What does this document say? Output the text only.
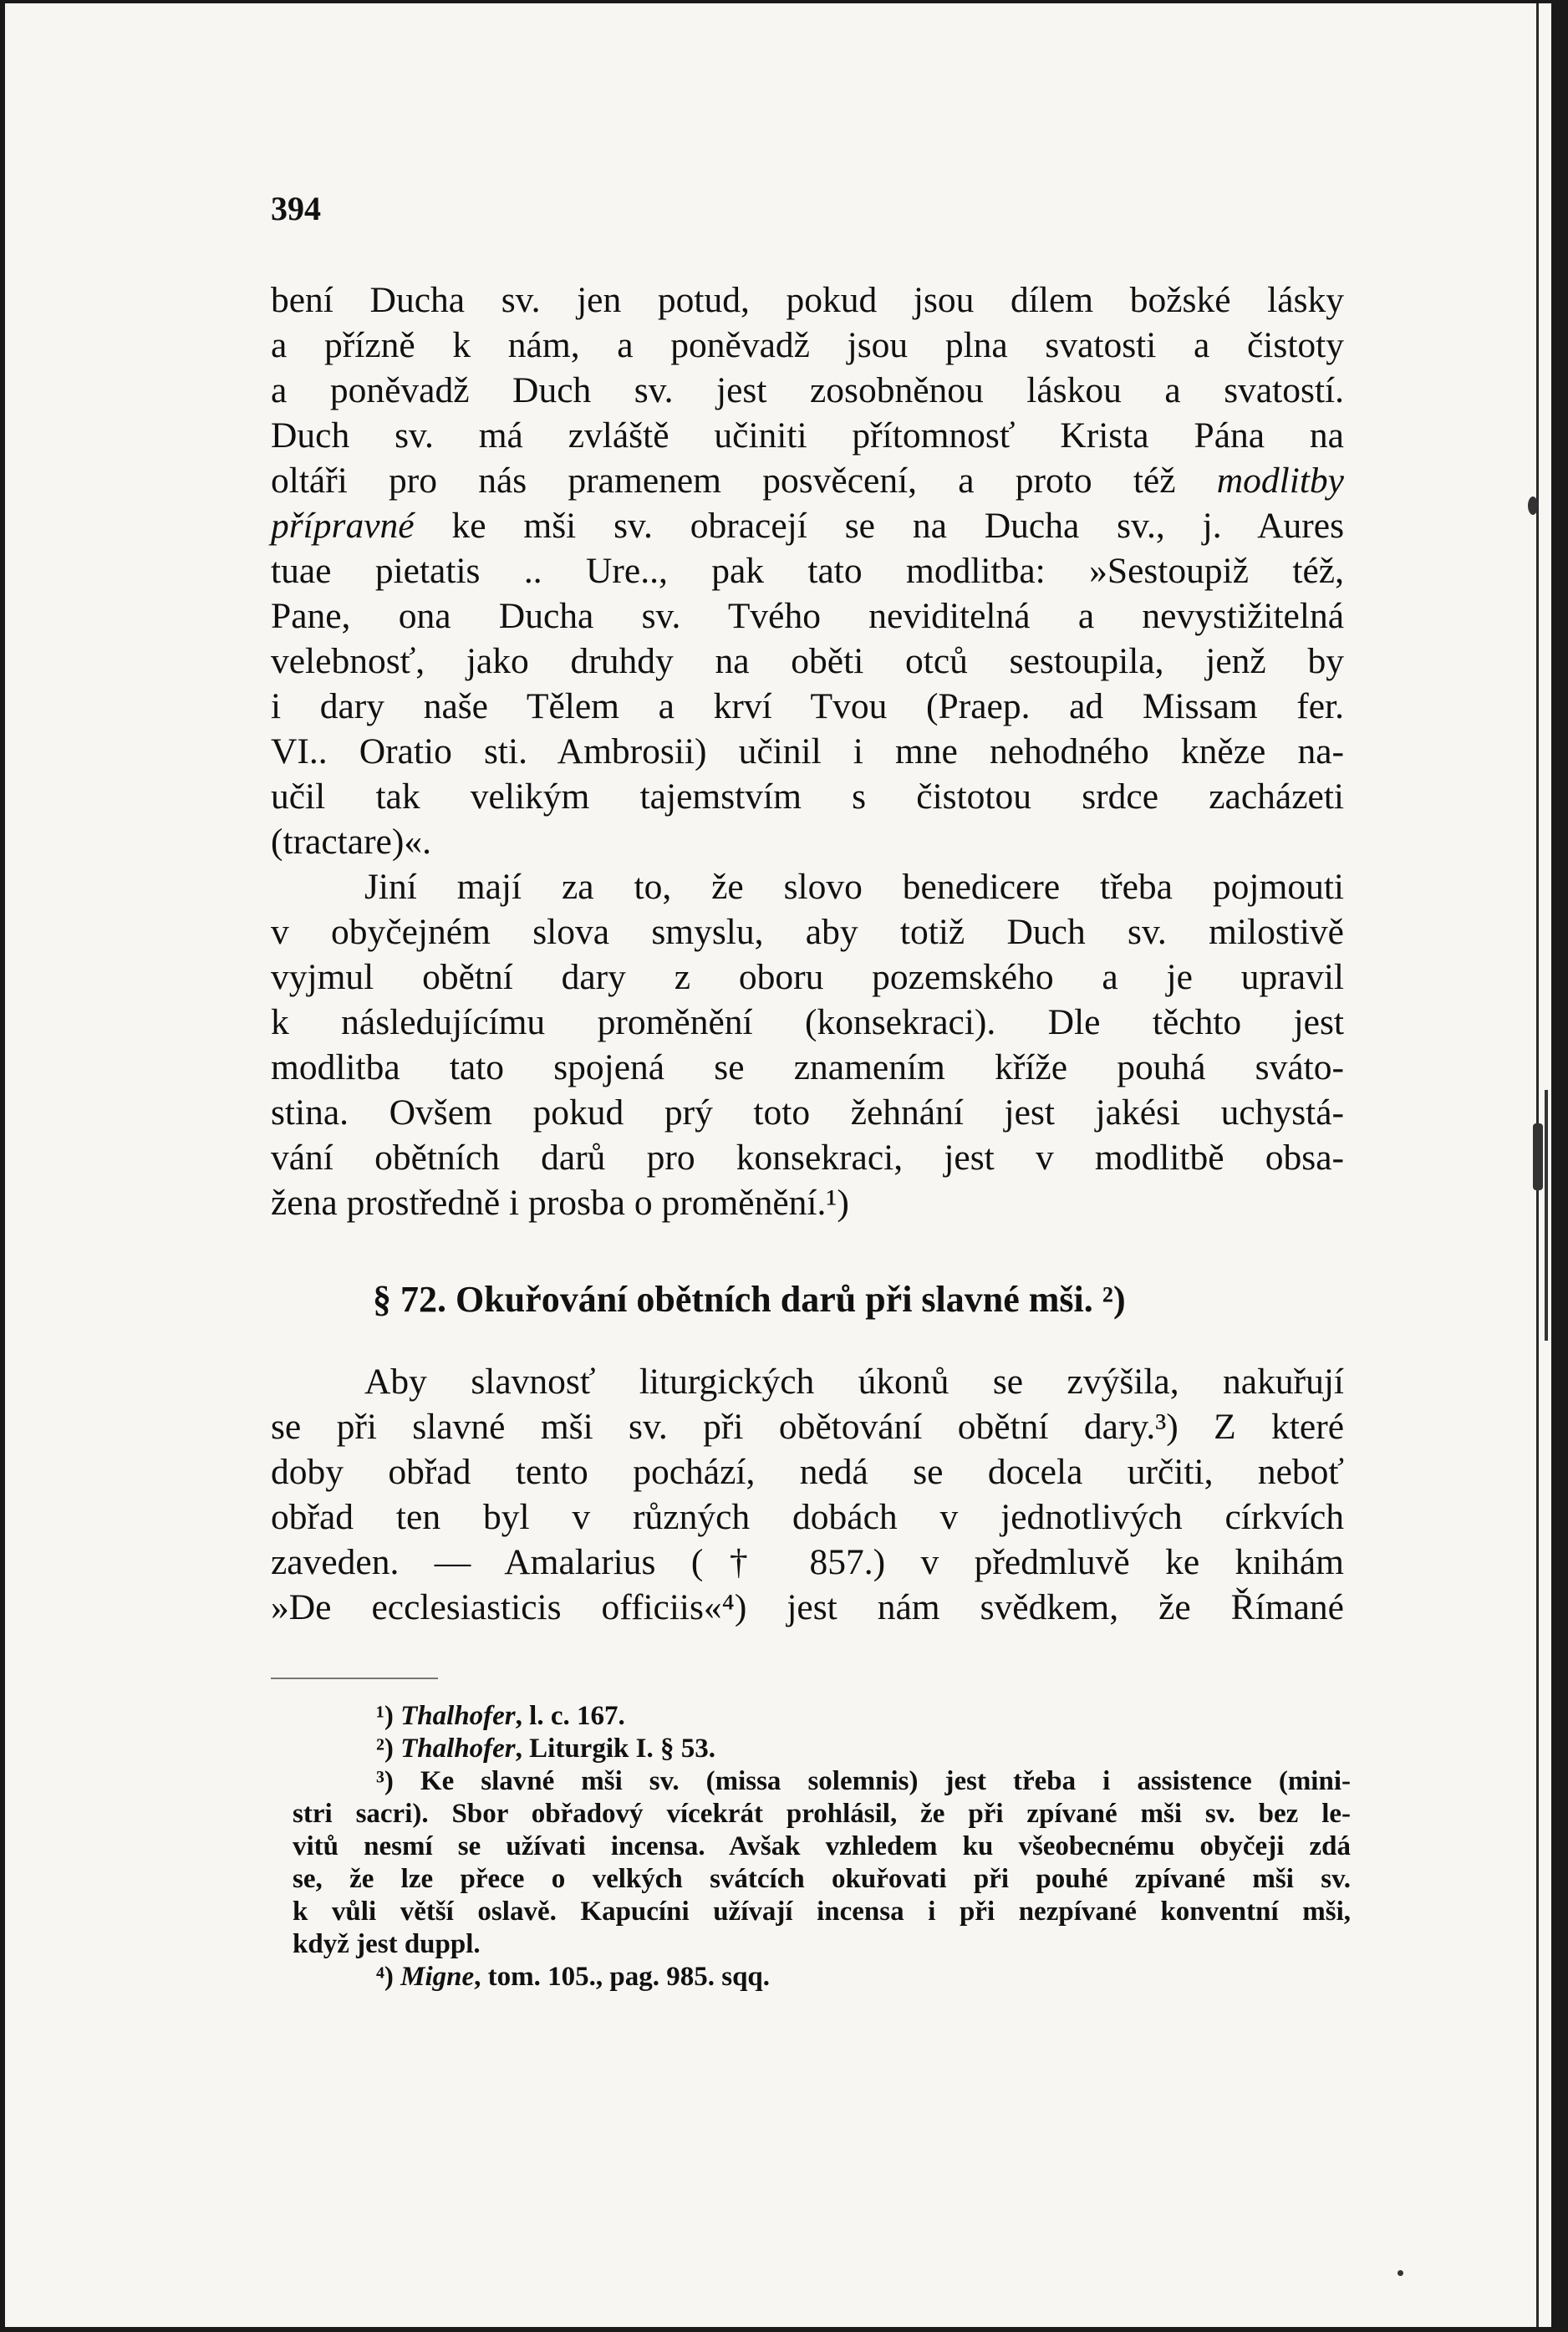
394
bení Ducha sv. jen potud, pokud jsou dílem božské lásky
a přízně k nám, a poněvadž jsou plna svatosti a čistoty
a poněvadž Duch sv. jest zosobněnou láskou a svatostí.
Duch sv. má zvláště učiniti přítomnosť Krista Pána na
oltáři pro nás pramenem posvěcení, a proto též modlitby
přípravné ke mši sv. obracejí se na Ducha sv., j. Aures
tuae pietatis .. Ure.., pak tato modlitba: »Sestoupiž též,
Pane, ona Ducha sv. Tvého neviditelná a nevystižitelná
velebnosť, jako druhdy na oběti otců sestoupila, jenž by
i dary naše Tělem a krví Tvou (Praep. ad Missam fer.
VI.. Oratio sti. Ambrosii) učinil i mne nehodného kněze na-
učil tak velikým tajemstvím s čistotou srdce zacházeti
(tractare)«.
Jiní mají za to, že slovo benedicere třeba pojmouti
v obyčejném slova smyslu, aby totiž Duch sv. milostivě
vyjmul obětní dary z oboru pozemského a je upravil
k následujícímu proměnění (konsekraci). Dle těchto jest
modlitba tato spojená se znamením kříže pouhá sváto-
stina. Ovšem pokud prý toto žehnání jest jakési uchystá-
vání obětních darů pro konsekraci, jest v modlitbě obsa-
žena prostředně i prosba o proměnění.¹)
§ 72. Okuřování obětních darů při slavné mši. ²)
Aby slavnosť liturgických úkonů se zvýšila, nakuřují
se při slavné mši sv. při obětování obětní dary.³) Z které
doby obřad tento pochází, nedá se docela určiti, neboť
obřad ten byl v různých dobách v jednotlivých církvích
zaveden. — Amalarius († 857.) v předmluvě ke knihám
»De ecclesiasticis officiis«⁴) jest nám svědkem, že Římané
¹) Thalhofer, l. c. 167.
²) Thalhofer, Liturgik I. § 53.
³) Ke slavné mši sv. (missa solemnis) jest třeba i assistence (mini-
stri sacri). Sbor obřadový vícekrát prohlásil, že při zpívané mši sv. bez le-
vitů nesmí se užívati incensa. Avšak vzhledem ku všeobecnému obyčeji zdá
se, že lze přece o velkých svátcích okuřovati při pouhé zpívané mši sv.
k vůli větší oslavě. Kapucíni užívají incensa i při nezpívané konventní mši,
když jest duppl.
⁴) Migne, tom. 105., pag. 985. sqq.
